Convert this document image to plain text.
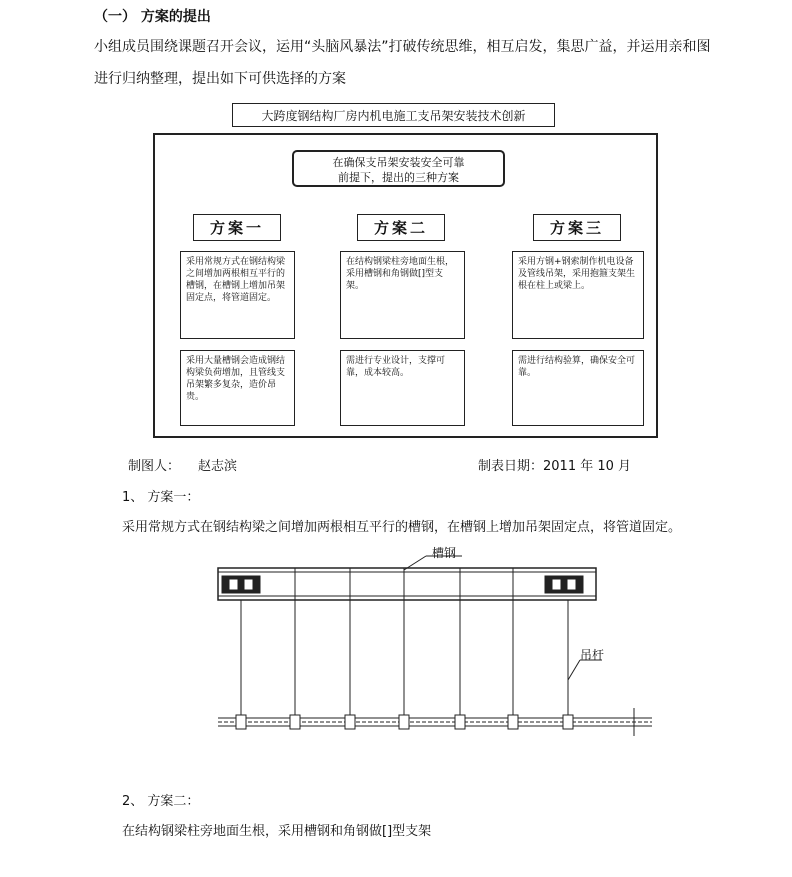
（一） 方案的提出
小组成员围绕课题召开会议，运用“头脑风暴法”打破传统思维，相互启发，集思广益，并运用亲和图
进行归纳整理，提出如下可供选择的方案
大跨度钢结构厂房内机电施工支吊架安装技术创新
在确保支吊架安装安全可靠
前提下，提出的三种方案
方案一	方案二	方案三
采用常规方式在钢结构梁之间增加两根相互平行的槽钢，在槽钢上增加吊架固定点，将管道固定。
在结构钢梁柱旁地面生根，采用槽钢和角钢做[]型支架。
采用方钢+钢索制作机电设备及管线吊架，采用抱箍支架生根在柱上或梁上。
采用大量槽钢会造成钢结构梁负荷增加，且管线支吊架繁多复杂，造价昂贵。
需进行专业设计，支撑可靠，成本较高。
需进行结构验算，确保安全可靠。
制图人： 赵志滨	制表日期：2011 年 10 月
1、 方案一：
采用常规方式在钢结构梁之间增加两根相互平行的槽钢，在槽钢上增加吊架固定点，将管道固定。
槽钢
吊杆
2、 方案二：
在结构钢梁柱旁地面生根，采用槽钢和角钢做[]型支架
